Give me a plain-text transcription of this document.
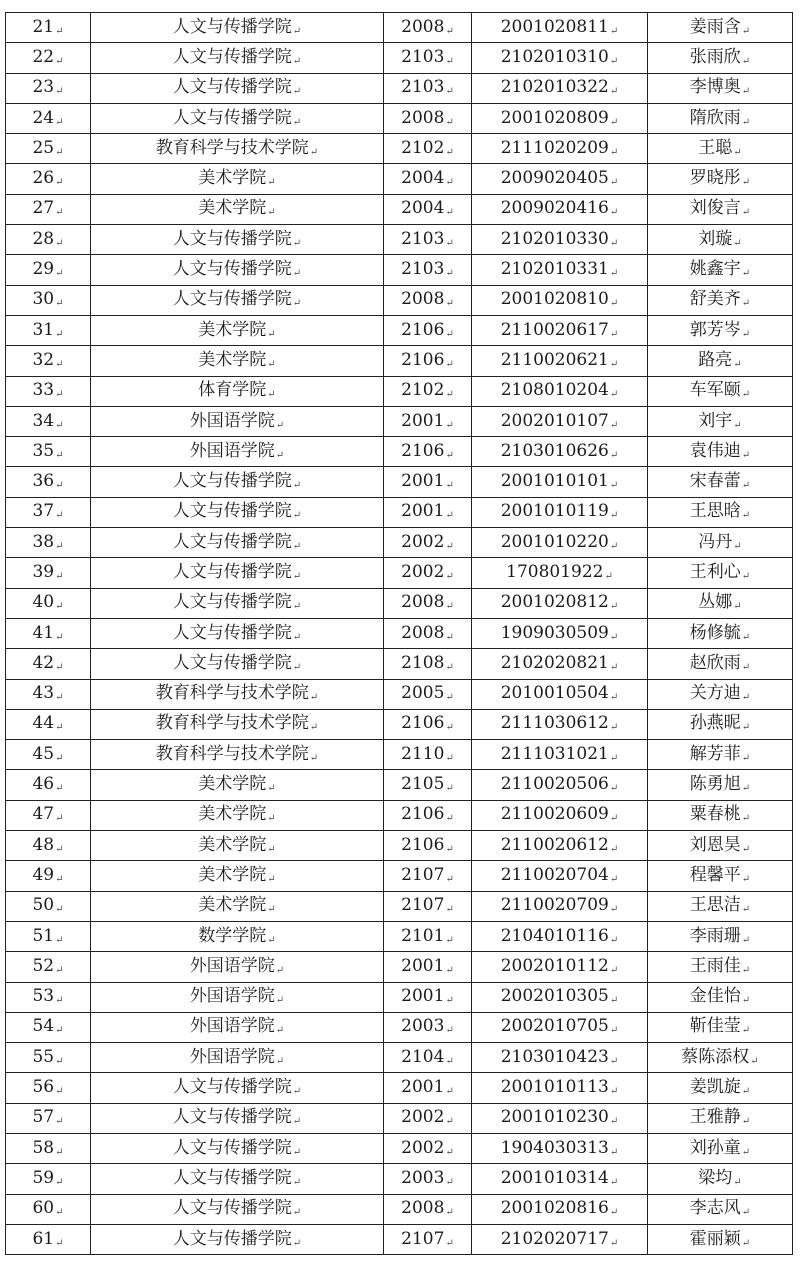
21↵	人文与传播学院↵	2008↵	2001020811↵	姜雨含↵
22↵	人文与传播学院↵	2103↵	2102010310↵	张雨欣↵
23↵	人文与传播学院↵	2103↵	2102010322↵	李博奥↵
24↵	人文与传播学院↵	2008↵	2001020809↵	隋欣雨↵
25↵	教育科学与技术学院↵	2102↵	2111020209↵	王聪↵
26↵	美术学院↵	2004↵	2009020405↵	罗晓彤↵
27↵	美术学院↵	2004↵	2009020416↵	刘俊言↵
28↵	人文与传播学院↵	2103↵	2102010330↵	刘璇↵
29↵	人文与传播学院↵	2103↵	2102010331↵	姚鑫宇↵
30↵	人文与传播学院↵	2008↵	2001020810↵	舒美齐↵
31↵	美术学院↵	2106↵	2110020617↵	郭芳岑↵
32↵	美术学院↵	2106↵	2110020621↵	路亮↵
33↵	体育学院↵	2102↵	2108010204↵	车军颐↵
34↵	外国语学院↵	2001↵	2002010107↵	刘宇↵
35↵	外国语学院↵	2106↵	2103010626↵	袁伟迪↵
36↵	人文与传播学院↵	2001↵	2001010101↵	宋春蕾↵
37↵	人文与传播学院↵	2001↵	2001010119↵	王思晗↵
38↵	人文与传播学院↵	2002↵	2001010220↵	冯丹↵
39↵	人文与传播学院↵	2002↵	170801922↵	王利心↵
40↵	人文与传播学院↵	2008↵	2001020812↵	丛娜↵
41↵	人文与传播学院↵	2008↵	1909030509↵	杨修毓↵
42↵	人文与传播学院↵	2108↵	2102020821↵	赵欣雨↵
43↵	教育科学与技术学院↵	2005↵	2010010504↵	关方迪↵
44↵	教育科学与技术学院↵	2106↵	2111030612↵	孙燕昵↵
45↵	教育科学与技术学院↵	2110↵	2111031021↵	解芳菲↵
46↵	美术学院↵	2105↵	2110020506↵	陈勇旭↵
47↵	美术学院↵	2106↵	2110020609↵	粟春桃↵
48↵	美术学院↵	2106↵	2110020612↵	刘恩昊↵
49↵	美术学院↵	2107↵	2110020704↵	程馨平↵
50↵	美术学院↵	2107↵	2110020709↵	王思洁↵
51↵	数学学院↵	2101↵	2104010116↵	李雨珊↵
52↵	外国语学院↵	2001↵	2002010112↵	王雨佳↵
53↵	外国语学院↵	2001↵	2002010305↵	金佳怡↵
54↵	外国语学院↵	2003↵	2002010705↵	靳佳莹↵
55↵	外国语学院↵	2104↵	2103010423↵	蔡陈添权↵
56↵	人文与传播学院↵	2001↵	2001010113↵	姜凯旋↵
57↵	人文与传播学院↵	2002↵	2001010230↵	王雅静↵
58↵	人文与传播学院↵	2002↵	1904030313↵	刘孙童↵
59↵	人文与传播学院↵	2003↵	2001010314↵	梁均↵
60↵	人文与传播学院↵	2008↵	2001020816↵	李志风↵
61↵	人文与传播学院↵	2107↵	2102020717↵	霍丽颖↵
